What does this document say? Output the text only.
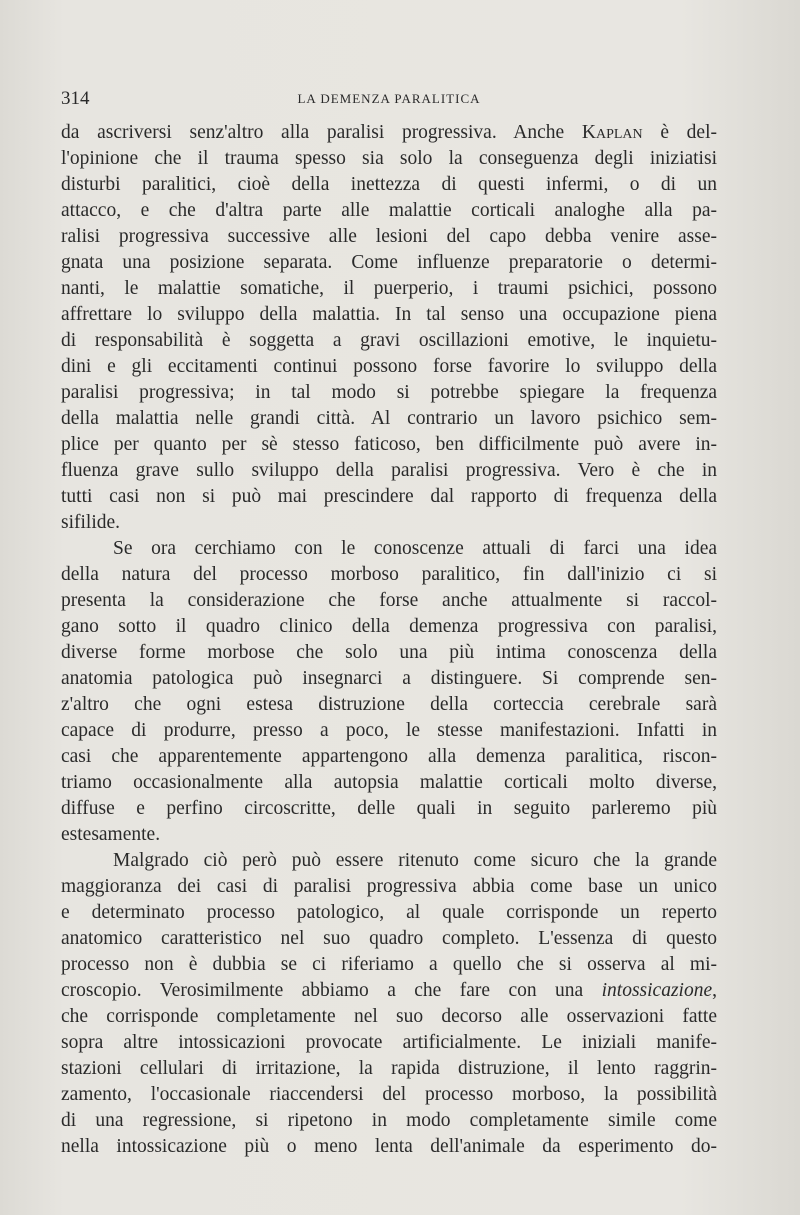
314	LA DEMENZA PARALITICA
da ascriversi senz'altro alla paralisi progressiva. Anche Kaplan è del-
l'opinione che il trauma spesso sia solo la conseguenza degli iniziatisi
disturbi paralitici, cioè della inettezza di questi infermi, o di un
attacco, e che d'altra parte alle malattie corticali analoghe alla pa-
ralisi progressiva successive alle lesioni del capo debba venire asse-
gnata una posizione separata. Come influenze preparatorie o determi-
nanti, le malattie somatiche, il puerperio, i traumi psichici, possono
affrettare lo sviluppo della malattia. In tal senso una occupazione piena
di responsabilità è soggetta a gravi oscillazioni emotive, le inquietu-
dini e gli eccitamenti continui possono forse favorire lo sviluppo della
paralisi progressiva; in tal modo si potrebbe spiegare la frequenza
della malattia nelle grandi città. Al contrario un lavoro psichico sem-
plice per quanto per sè stesso faticoso, ben difficilmente può avere in-
fluenza grave sullo sviluppo della paralisi progressiva. Vero è che in
tutti casi non si può mai prescindere dal rapporto di frequenza della
sifilide.
Se ora cerchiamo con le conoscenze attuali di farci una idea
della natura del processo morboso paralitico, fin dall'inizio ci si
presenta la considerazione che forse anche attualmente si raccol-
gano sotto il quadro clinico della demenza progressiva con paralisi,
diverse forme morbose che solo una più intima conoscenza della
anatomia patologica può insegnarci a distinguere. Si comprende sen-
z'altro che ogni estesa distruzione della corteccia cerebrale sarà
capace di produrre, presso a poco, le stesse manifestazioni. Infatti in
casi che apparentemente appartengono alla demenza paralitica, riscon-
triamo occasionalmente alla autopsia malattie corticali molto diverse,
diffuse e perfino circoscritte, delle quali in seguito parleremo più
estesamente.
Malgrado ciò però può essere ritenuto come sicuro che la grande
maggioranza dei casi di paralisi progressiva abbia come base un unico
e determinato processo patologico, al quale corrisponde un reperto
anatomico caratteristico nel suo quadro completo. L'essenza di questo
processo non è dubbia se ci riferiamo a quello che si osserva al mi-
croscopio. Verosimilmente abbiamo a che fare con una intossicazione,
che corrisponde completamente nel suo decorso alle osservazioni fatte
sopra altre intossicazioni provocate artificialmente. Le iniziali manife-
stazioni cellulari di irritazione, la rapida distruzione, il lento raggrin-
zamento, l'occasionale riaccendersi del processo morboso, la possibilità
di una regressione, si ripetono in modo completamente simile come
nella intossicazione più o meno lenta dell'animale da esperimento do-
